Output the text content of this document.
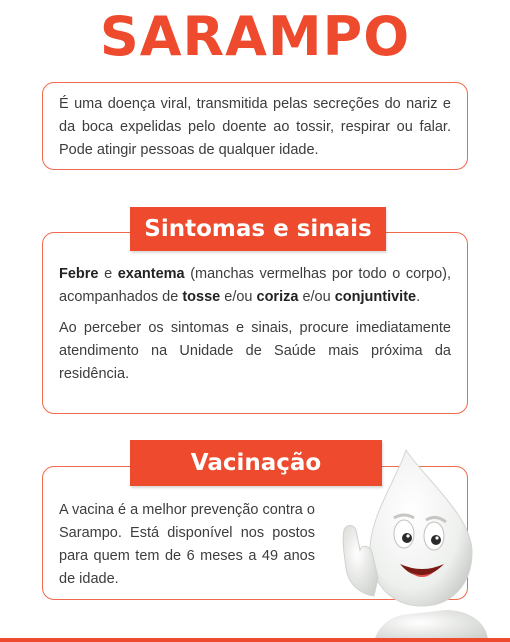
SARAMPO

É uma doença viral, transmitida pelas secreções do nariz e da boca expelidas pelo doente ao tossir, respirar ou falar. Pode atingir pessoas de qualquer idade.

Febre e exantema (manchas vermelhas por todo o corpo), acompanhados de tosse e/ou coriza e/ou conjuntivite.

Ao perceber os sintomas e sinais, procure imediatamente atendimento na Unidade de Saúde mais próxima da residência.

Sintomas e sinais

A vacina é a melhor prevenção contra o Sarampo. Está disponível nos postos para quem tem de 6 meses a 49 anos de idade.

Vacinação
